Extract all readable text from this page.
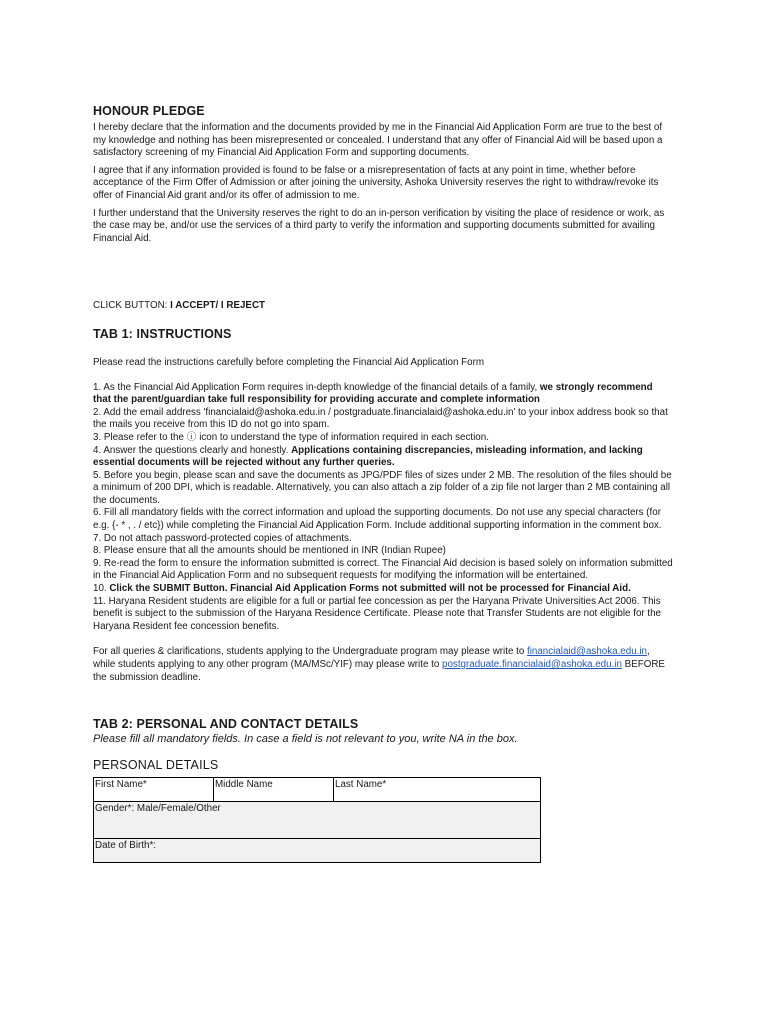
HONOUR PLEDGE

I hereby declare that the information and the documents provided by me in the Financial Aid Application Form are true to the best of my knowledge and nothing has been misrepresented or concealed. I understand that any offer of Financial Aid will be based upon a satisfactory screening of my Financial Aid Application Form and supporting documents.

I agree that if any information provided is found to be false or a misrepresentation of facts at any point in time, whether before acceptance of the Firm Offer of Admission or after joining the university, Ashoka University reserves the right to withdraw/revoke its offer of Financial Aid grant and/or its offer of admission to me.

I further understand that the University reserves the right to do an in-person verification by visiting the place of residence or work, as the case may be, and/or use the services of a third party to verify the information and supporting documents submitted for availing Financial Aid.

CLICK BUTTON: I ACCEPT/ I REJECT

TAB 1: INSTRUCTIONS

Please read the instructions carefully before completing the Financial Aid Application Form

1. As the Financial Aid Application Form requires in-depth knowledge of the financial details of a family, we strongly recommend that the parent/guardian take full responsibility for providing accurate and complete information
2. Add the email address 'financialaid@ashoka.edu.in / postgraduate.financialaid@ashoka.edu.in' to your inbox address book so that the mails you receive from this ID do not go into spam.
3. Please refer to the ⓘ icon to understand the type of information required in each section.
4. Answer the questions clearly and honestly. Applications containing discrepancies, misleading information, and lacking essential documents will be rejected without any further queries.
5. Before you begin, please scan and save the documents as JPG/PDF files of sizes under 2 MB. The resolution of the files should be a minimum of 200 DPI, which is readable. Alternatively, you can also attach a zip folder of a zip file not larger than 2 MB containing all the documents.
6. Fill all mandatory fields with the correct information and upload the supporting documents. Do not use any special characters (for e.g. {- * , . / etc}) while completing the Financial Aid Application Form. Include additional supporting information in the comment box.
7. Do not attach password-protected copies of attachments.
8. Please ensure that all the amounts should be mentioned in INR (Indian Rupee)
9. Re-read the form to ensure the information submitted is correct. The Financial Aid decision is based solely on information submitted in the Financial Aid Application Form and no subsequent requests for modifying the information will be entertained.
10. Click the SUBMIT Button. Financial Aid Application Forms not submitted will not be processed for Financial Aid.
11. Haryana Resident students are eligible for a full or partial fee concession as per the Haryana Private Universities Act 2006. This benefit is subject to the submission of the Haryana Residence Certificate. Please note that Transfer Students are not eligible for the Haryana Resident fee concession benefits.

For all queries & clarifications, students applying to the Undergraduate program may please write to financialaid@ashoka.edu.in, while students applying to any other program (MA/MSc/YIF) may please write to postgraduate.financialaid@ashoka.edu.in BEFORE the submission deadline.

TAB 2: PERSONAL AND CONTACT DETAILS
Please fill all mandatory fields. In case a field is not relevant to you, write NA in the box.
PERSONAL DETAILS
First Name*	Middle Name	Last Name*
Gender*: Male/Female/Other
Date of Birth*:
